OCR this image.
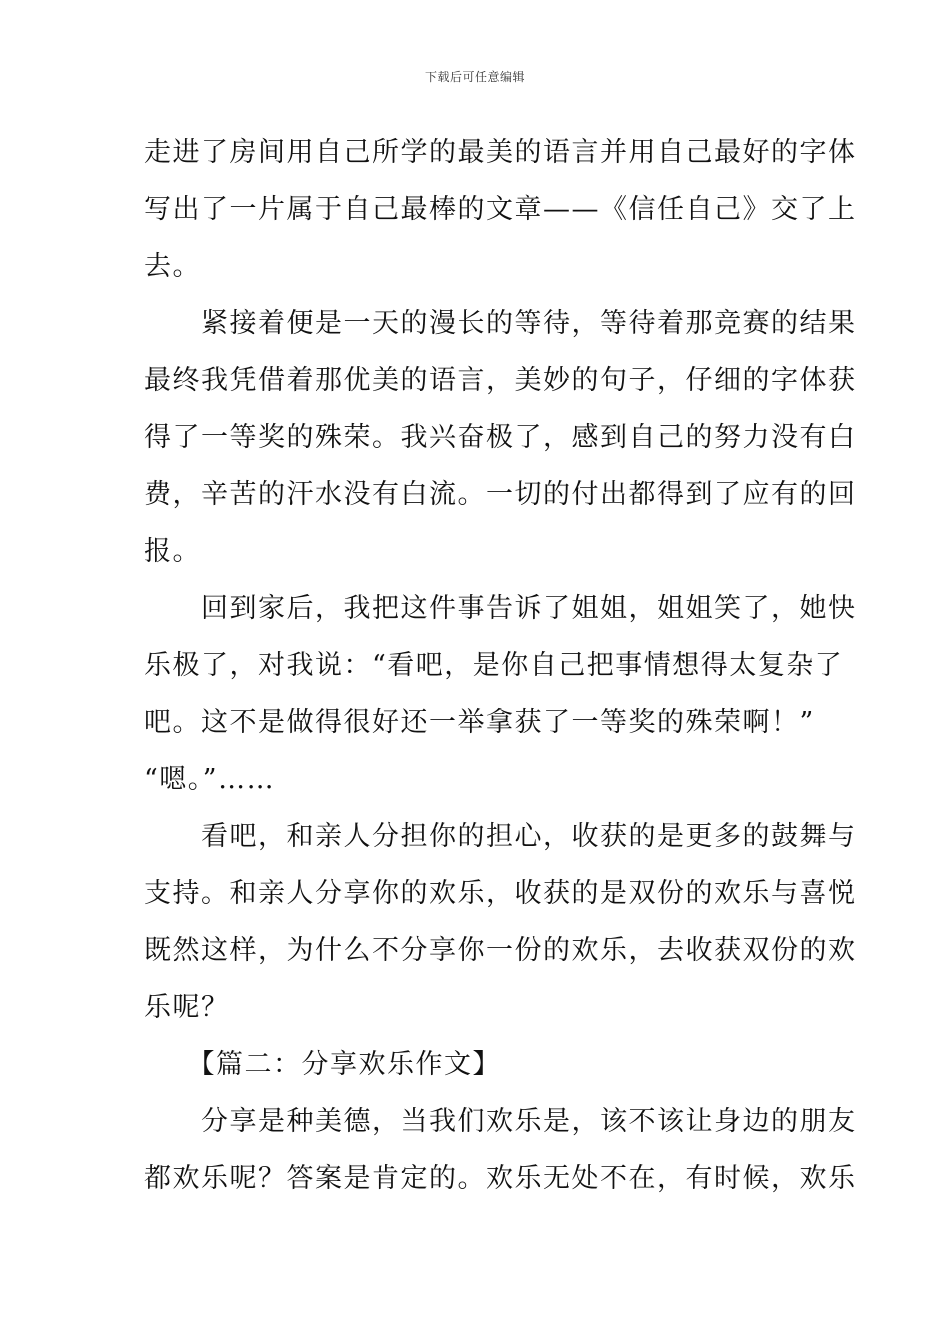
下载后可任意编辑

走进了房间用自己所学的最美的语言并用自己最好的字体

写出了一片属于自己最棒的文章——《信任自己》交了上

去。

　　紧接着便是一天的漫长的等待，等待着那竞赛的结果

最终我凭借着那优美的语言，美妙的句子，仔细的字体获

得了一等奖的殊荣。我兴奋极了，感到自己的努力没有白

费，辛苦的汗水没有白流。一切的付出都得到了应有的回

报。

　　回到家后，我把这件事告诉了姐姐，姐姐笑了，她快

乐极了，对我说：“看吧，是你自己把事情想得太复杂了

吧。这不是做得很好还一举拿获了一等奖的殊荣啊！”

“嗯。”……

　　看吧，和亲人分担你的担心，收获的是更多的鼓舞与

支持。和亲人分享你的欢乐，收获的是双份的欢乐与喜悦

既然这样，为什么不分享你一份的欢乐，去收获双份的欢

乐呢？

　　【篇二：分享欢乐作文】

　　分享是种美德，当我们欢乐是，该不该让身边的朋友

都欢乐呢？答案是肯定的。欢乐无处不在，有时候，欢乐
